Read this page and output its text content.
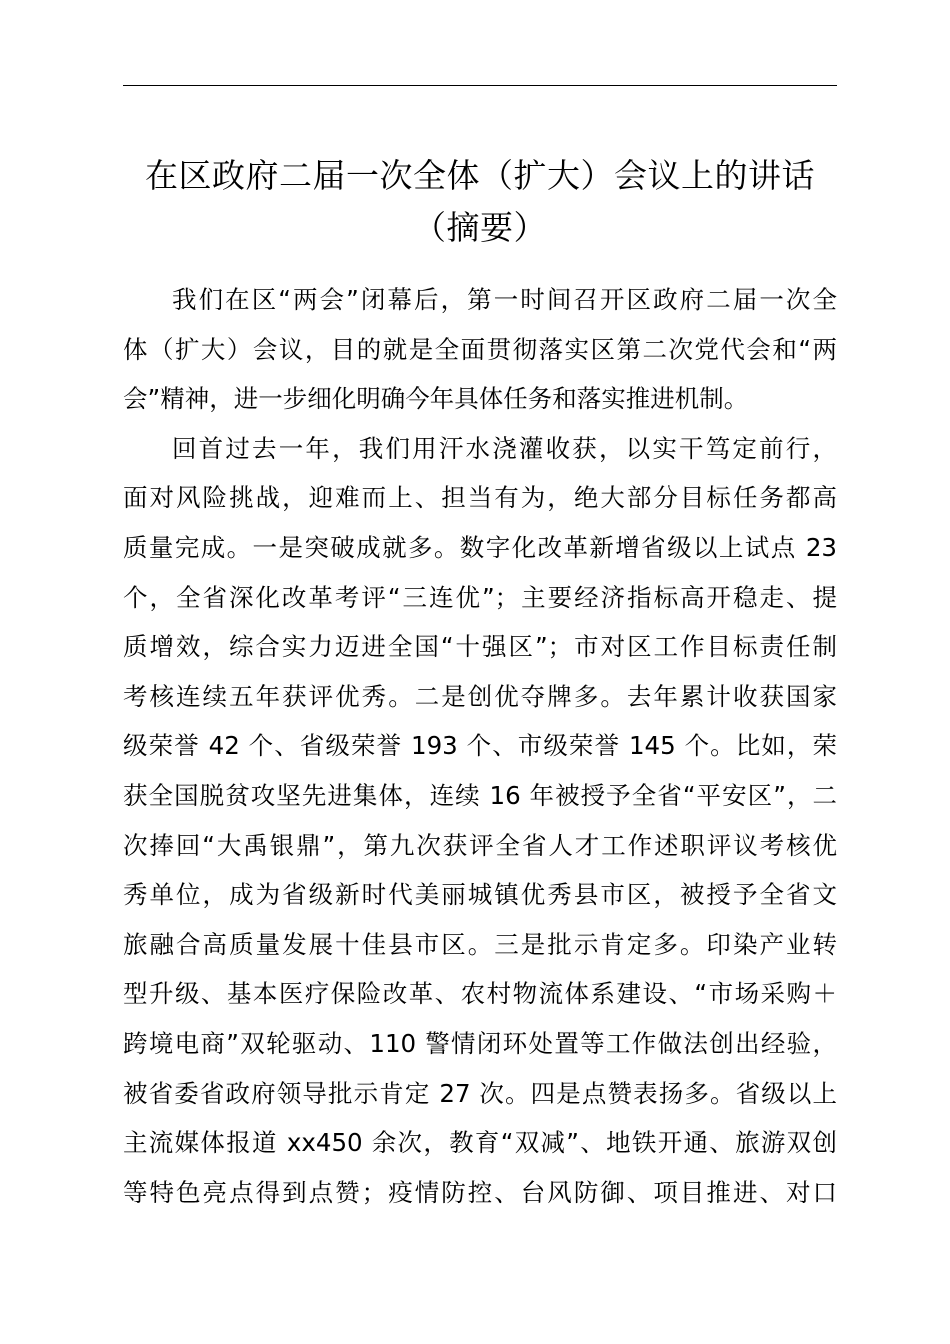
在区政府二届一次全体（扩大）会议上的讲话
（摘要）

我们在区“两会”闭幕后，第一时间召开区政府二届一次全
体（扩大）会议，目的就是全面贯彻落实区第二次党代会和“两
会”精神，进一步细化明确今年具体任务和落实推进机制。

回首过去一年，我们用汗水浇灌收获，以实干笃定前行，
面对风险挑战，迎难而上、担当有为，绝大部分目标任务都高
质量完成。一是突破成就多。数字化改革新增省级以上试点 23
个，全省深化改革考评“三连优”；主要经济指标高开稳走、提
质增效，综合实力迈进全国“十强区”；市对区工作目标责任制
考核连续五年获评优秀。二是创优夺牌多。去年累计收获国家
级荣誉 42 个、省级荣誉 193 个、市级荣誉 145 个。比如，荣
获全国脱贫攻坚先进集体，连续 16 年被授予全省“平安区”，二
次捧回“大禹银鼎”，第九次获评全省人才工作述职评议考核优
秀单位，成为省级新时代美丽城镇优秀县市区，被授予全省文
旅融合高质量发展十佳县市区。三是批示肯定多。印染产业转
型升级、基本医疗保险改革、农村物流体系建设、“市场采购＋
跨境电商”双轮驱动、110 警情闭环处置等工作做法创出经验，
被省委省政府领导批示肯定 27 次。四是点赞表扬多。省级以上
主流媒体报道 xx450 余次，教育“双减”、地铁开通、旅游双创
等特色亮点得到点赞；疫情防控、台风防御、项目推进、对口
